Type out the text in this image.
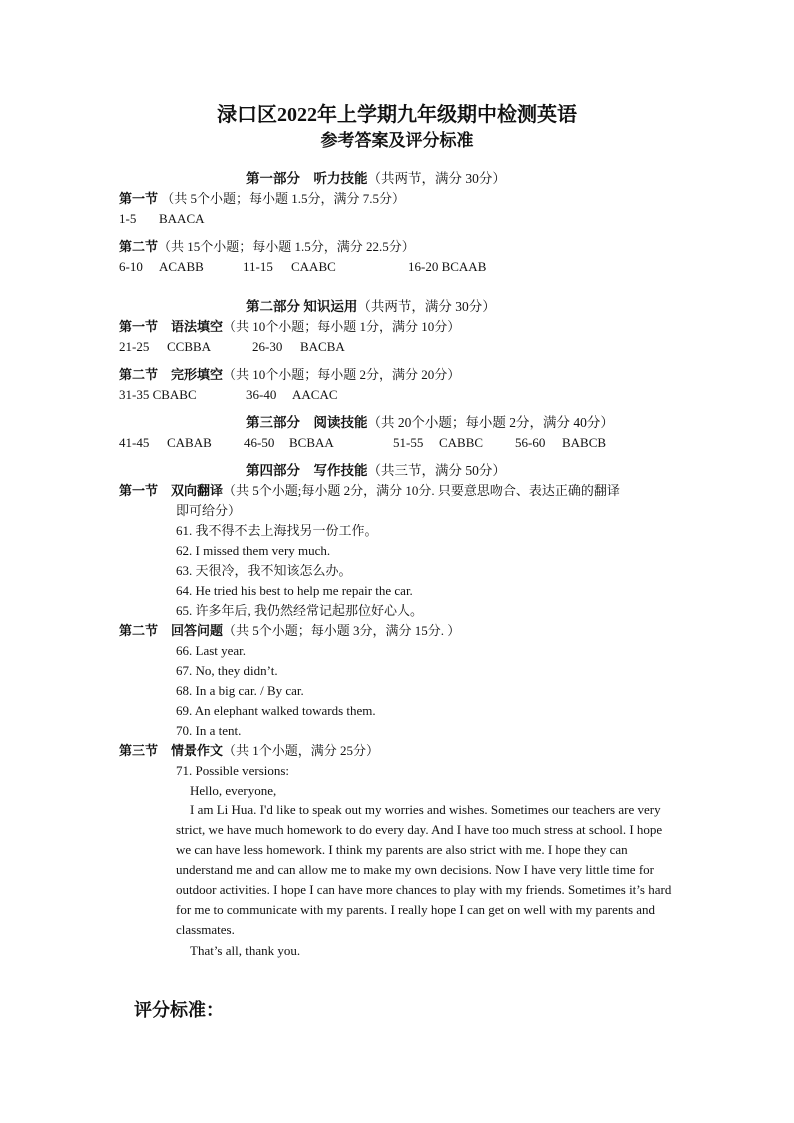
渌口区2022年上学期九年级期中检测英语
参考答案及评分标准
第一部分　听力技能（共两节，满分 30分）
第一节 （共 5个小题；每小题 1.5分，满分 7.5分）
1-5 BAACA
第二节（共 15个小题；每小题 1.5分，满分 22.5分）
6-10 ACABB	11-15 CAABC	16-20 BCAAB
第二部分 知识运用（共两节，满分 30分）
第一节　语法填空（共 10个小题；每小题 1分，满分 10分）
21-25 CCBBA	26-30 BACBA
第二节　完形填空（共 10个小题；每小题 2分，满分 20分）
31-35 CBABC	36-40 AACAC
第三部分　阅读技能（共 20个小题；每小题 2分，满分 40分）
41-45 CABAB 46-50 BCBAA	51-55 CABBC 56-60 BABCB
第四部分　写作技能（共三节，满分 50分）
第一节　双向翻译（共 5个小题;每小题 2分，满分 10分. 只要意思吻合、表达正确的翻译
即可给分）
61. 我不得不去上海找另一份工作。
62. I missed them very much.
63. 天很冷，我不知该怎么办。
64. He tried his best to help me repair the car.
65. 许多年后, 我仍然经常记起那位好心人。
第二节　回答问题（共 5个小题；每小题 3分，满分 15分. ）
66. Last year.
67. No, they didn’t.
68. In a big car. / By car.
69. An elephant walked towards them.
70. In a tent.
第三节　情景作文（共 1个小题，满分 25分）
71. Possible versions:
Hello, everyone,

I am Li Hua. I'd like to speak out my worries and wishes. Sometimes our teachers are very strict, we have much homework to do every day. And I have too much stress at school. I hope we can have less homework. I think my parents are also strict with me. I hope they can understand me and can allow me to make my own decisions. Now I have very little time for outdoor activities. I hope I can have more chances to play with my friends. Sometimes it’s hard for me to communicate with my parents. I really hope I can get on well with my parents and classmates.

That’s all, thank you.
评分标准：
